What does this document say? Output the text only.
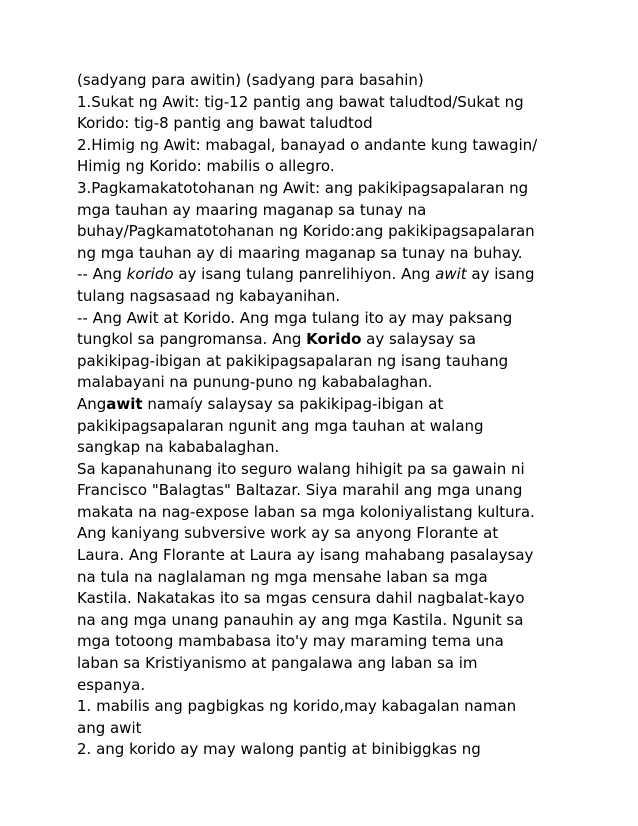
(sadyang para awitin) (sadyang para basahin)
1.Sukat ng Awit: tig-12 pantig ang bawat taludtod/Sukat ng
Korido: tig-8 pantig ang bawat taludtod
2.Himig ng Awit: mabagal, banayad o andante kung tawagin/
Himig ng Korido: mabilis o allegro.
3.Pagkamakatotohanan ng Awit: ang pakikipagsapalaran ng
mga tauhan ay maaring maganap sa tunay na
buhay/Pagkamatotohanan ng Korido:ang pakikipagsapalaran
ng mga tauhan ay di maaring maganap sa tunay na buhay.
-- Ang korido ay isang tulang panrelihiyon. Ang awit ay isang
tulang nagsasaad ng kabayanihan.
-- Ang Awit at Korido. Ang mga tulang ito ay may paksang
tungkol sa pangromansa. Ang Korido ay salaysay sa
pakikipag-ibigan at pakikipagsapalaran ng isang tauhang
malabayani na punung-puno ng kababalaghan.
Angawit namaíy salaysay sa pakikipag-ibigan at
pakikipagsapalaran ngunit ang mga tauhan at walang
sangkap na kababalaghan.
Sa kapanahunang ito seguro walang hihigit pa sa gawain ni
Francisco "Balagtas" Baltazar. Siya marahil ang mga unang
makata na nag-expose laban sa mga koloniyalistang kultura.
Ang kaniyang subversive work ay sa anyong Florante at
Laura. Ang Florante at Laura ay isang mahabang pasalaysay
na tula na naglalaman ng mga mensahe laban sa mga
Kastila. Nakatakas ito sa mgas censura dahil nagbalat-kayo
na ang mga unang panauhin ay ang mga Kastila. Ngunit sa
mga totoong mambabasa ito'y may maraming tema una
laban sa Kristiyanismo at pangalawa ang laban sa im
espanya.
1. mabilis ang pagbigkas ng korido,may kabagalan naman
ang awit
2. ang korido ay may walong pantig at binibiggkas ng
